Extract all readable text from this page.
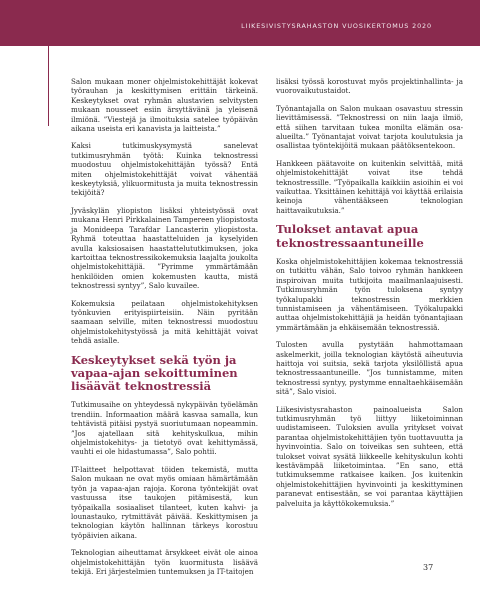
LIIKESIVISTYSRAHASTON VUOSIKERTOMUS 2020

Salon mukaan moner ohjelmistokehittäjät kokevat työrauhan ja keskittymisen erittäin tärkeinä. Keskeytykset ovat ryhmän alustavien selvitysten mukaan nousseet esiin ärsyttävänä ja yleisenä ilmiönä. ”Viestejä ja ilmoituksia satelee työpäivän aikana useista eri kanavista ja laitteista.”

Kaksi tutkimuskysymystä sanelevat tutkimusryhmän työtä: Kuinka teknostressi muodostuu ohjelmistokehittäjän työssä? Entä miten ohjelmistokehittäjät voivat vähentää keskeytyksiä, ylikuormitusta ja muita teknostressin tekijöitä?

Jyväskylän yliopiston lisäksi yhteistyössä ovat mukana Henri Pirkkalainen Tampereen yliopistosta ja Monideepa Tarafdar Lancasterin yliopistosta. Ryhmä toteuttaa haastatteluiden ja kyselyiden avulla kaksiosaisen haastattelututkimuksen, joka kartoittaa teknostressikokemuksia laajalta joukolta ohjelmistokehittäjiä. ”Pyrimme ymmärtämään henkilöiden omien kokemusten kautta, mistä teknostressi syntyy”, Salo kuvailee.

Kokemuksia peilataan ohjelmistokehityksen työnkuvien erityispiirteisiin. Näin pyritään saamaan selville, miten teknostressi muodostuu ohjelmistokehitystyössä ja mitä kehittäjät voivat tehdä asialle.

Keskeytykset sekä työn ja vapaa-ajan sekoittuminen lisäävät teknostressiä

Tutkimusaihe on yhteydessä nykypäivän työelämän trendiin. Informaation määrä kasvaa samalla, kun tehtävistä pitäisi pystyä suoriutumaan nopeammin. ”Jos ajatellaan sitä kehityskulkua, mihin ohjelmistokehitys- ja tietotyö ovat kehittymässä, vauhti ei ole hidastumassa”, Salo pohtii.

IT-laitteet helpottavat töiden tekemistä, mutta Salon mukaan ne ovat myös omiaan hämärtämään työn ja vapaa-ajan rajoja. Korona työntekijät ovat vastuussa itse taukojen pitämisestä, kun työpaikalla sosiaaliset tilanteet, kuten kahvi- ja lounastauko, rytmittävät päivää. Keskittymisen ja teknologian käytön hallinnan tärkeys korostuu työpäivien aikana.

Teknologian aiheuttamat ärsykkeet eivät ole ainoa ohjelmistokehittäjän työn kuormitusta lisäävä tekijä. Eri järjestelmien tuntemuksen ja IT-taitojen

lisäksi työssä korostuvat myös projektinhallinta- ja vuorovaikutustaidot.

Työnantajalla on Salon mukaan osavastuu stressin lievittämisessä. ”Teknostressi on niin laaja ilmiö, että siihen tarvitaan tukea monilta elämän osa-alueilta.” Työnantajat voivat tarjota koulutuksia ja osallistaa työntekijöitä mukaan päätöksentekoon.

Hankkeen päätavoite on kuitenkin selvittää, mitä ohjelmistokehittäjät voivat itse tehdä teknostressille. ”Työpaikalla kaikkiin asioihin ei voi vaikuttaa. Yksittäinen kehittäjä voi käyttää erilaisia keinoja vähentääkseen teknologian haittavaikutuksia.”

Tulokset antavat apua teknostressaantuneille

Koska ohjelmistokehittäjien kokemaa teknostressiä on tutkittu vähän, Salo toivoo ryhmän hankkeen inspiroivan muita tutkijoita maailmanlaajuisesti. Tutkimusryhmän työn tuloksena syntyy työkalupakki teknostressin merkkien tunnistamiseen ja vähentämiseen. Työkalupakki auttaa ohjelmistokehittäjiä ja heidän työnantajiaan ymmärtämään ja ehkäisemään teknostressiä.

Tulosten avulla pystytään hahmottamaan askelmerkit, joilla teknologian käytöstä aiheutuvia haittoja voi suitsia, sekä tarjota yksilöllistä apua teknostressaantuneille. ”Jos tunnistamme, miten teknostressi syntyy, pystymme ennaltaehkäisemään sitä”, Salo visioi.

Liikesivistysrahaston painoalueista Salon tutkimusryhmän työ liittyy liiketoiminnan uudistamiseen. Tuloksien avulla yritykset voivat parantaa ohjelmistokehittäjien työn tuottavuutta ja hyvinvointia. Salo on toiveikas sen suhteen, että tulokset voivat sysätä liikkeelle kehityskulun kohti kestävämpää liiketoimintaa. ”En sano, että tutkimuksemme ratkaisee kaiken. Jos kuitenkin ohjelmistokehittäjien hyvinvointi ja keskittyminen paranevat entisestään, se voi parantaa käyttäjien palveluita ja käyttökokemuksia.”

37
